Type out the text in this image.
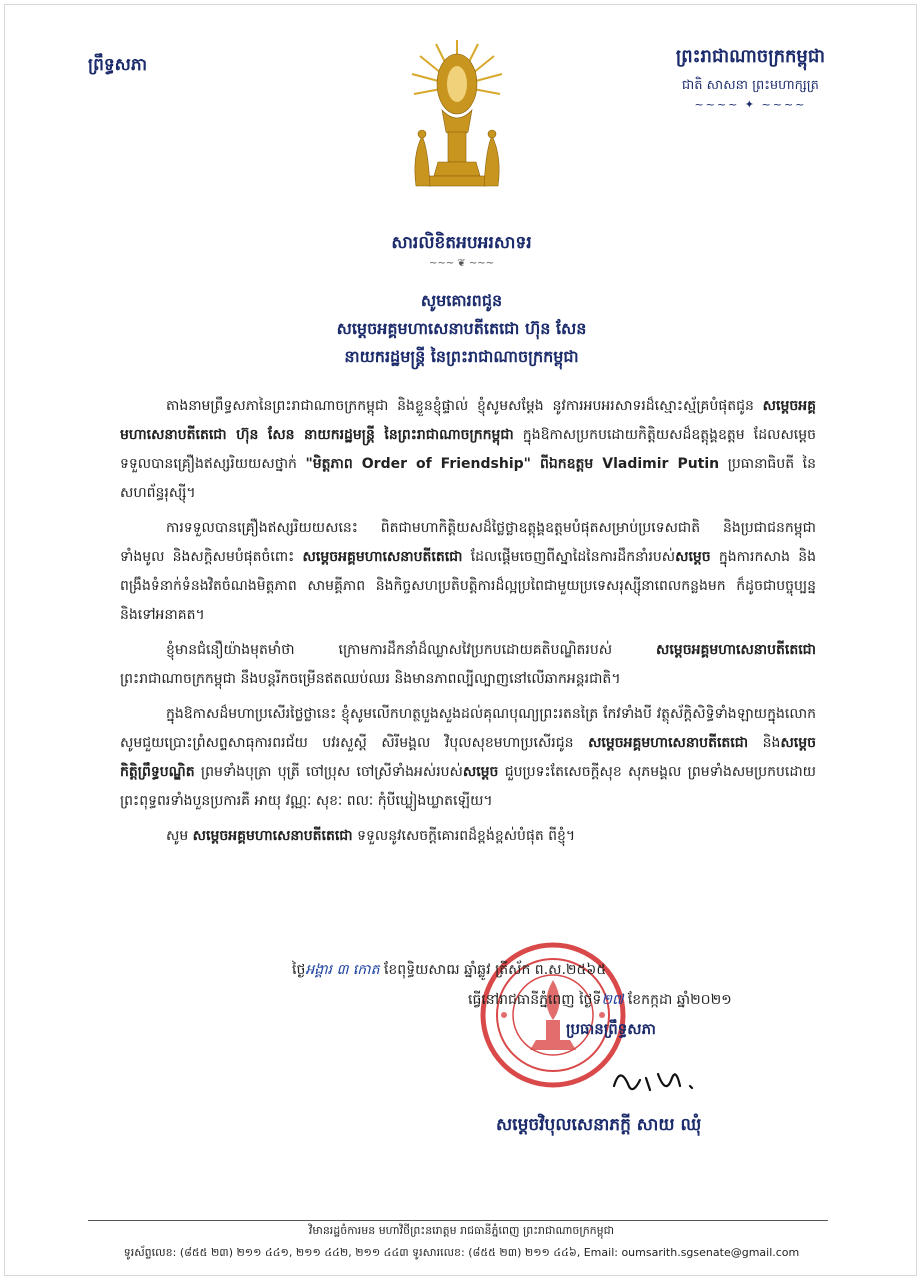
ព្រឹទ្ធសភា	ព្រះរាជាណាចក្រកម្ពុជា
ជាតិ សាសនា ព្រះមហាក្សត្រ
~~~~ ✦ ~~~~
សារលិខិតអបអរសាទរ
~~~ ❦ ~~~
សូមគោរពជូន
សម្តេចអគ្គមហាសេនាបតីតេជោ ហ៊ុន សែន
នាយករដ្ឋមន្ត្រី នៃព្រះរាជាណាចក្រកម្ពុជា

តាងនាមព្រឹទ្ធសភានៃព្រះរាជាណាចក្រកម្ពុជា និងខ្លួនខ្ញុំផ្ទាល់ ខ្ញុំសូមសម្តែង នូវការអបអរសាទរដ៏ស្មោះស្ម័គ្របំផុតជូន សម្តេចអគ្គមហាសេនាបតីតេជោ ហ៊ុន សែន នាយករដ្ឋមន្ត្រី នៃព្រះរាជាណាចក្រកម្ពុជា ក្នុងឱកាសប្រកបដោយកិត្តិយសដ៏ឧត្តុង្គឧត្តម ដែលសម្តេច ទទួលបានគ្រឿងឥស្សរិយយសថ្នាក់ "មិត្តភាព Order of Friendship" ពីឯកឧត្តម Vladimir Putin ប្រធានាធិបតី នៃសហព័ន្ធរុស្ស៊ី។

ការទទួលបានគ្រឿងឥស្សរិយយសនេះ ពិតជាមហាកិត្តិយសដ៏ថ្លៃថ្លាឧត្តុង្គឧត្តមបំផុតសម្រាប់ប្រទេសជាតិ និងប្រជាជនកម្ពុជាទាំងមូល និងសក្តិសមបំផុតចំពោះ សម្តេចអគ្គមហាសេនាបតីតេជោ ដែលផ្តើមចេញពីស្នាដៃនៃការដឹកនាំរបស់សម្តេច ក្នុងការកសាង និងពង្រឹងទំនាក់ទំនងវិតចំណងមិត្តភាព សាមគ្គីភាព និងកិច្ចសហប្រតិបត្តិការដ៏ល្អប្រពៃជាមួយប្រទេសរុស្ស៊ីនាពេលកន្លងមក ក៏ដូចជាបច្ចុប្បន្ន និងទៅអនាគត។

ខ្ញុំមានជំនឿយ៉ាងមុតមាំថា ក្រោមការដឹកនាំដ៏ឈ្លាសវៃប្រកបដោយគតិបណ្ឌិតរបស់ សម្តេចអគ្គមហាសេនាបតីតេជោ ព្រះរាជាណាចក្រកម្ពុជា នឹងបន្តរីកចម្រើនឥតឈប់ឈរ និងមានភាពល្បីល្បាញនៅលើឆាកអន្តរជាតិ។

ក្នុងឱកាសដ៏មហាប្រសើរថ្លៃថ្លានេះ ខ្ញុំសូមលើកហត្ថបួងសួងដល់គុណបុណ្យព្រះរតនត្រៃ កែវទាំងបី វត្ថុស័ក្តិសិទ្ធិទាំងឡាយក្នុងលោក សូមជួយប្រោះព្រំសព្ទសាធុការពរជ័យ បវរសួស្តី សិរីមង្គល វិបុលសុខមហាប្រសើរជូន សម្តេចអគ្គមហាសេនាបតីតេជោ និងសម្តេចកិត្តិព្រឹទ្ធបណ្ឌិត ព្រមទាំងបុត្រា បុត្រី ចៅប្រុស ចៅស្រីទាំងអស់របស់សម្តេច ជួបប្រទះតែសេចក្តីសុខ សុភមង្គល ព្រមទាំងសមប្រកបដោយព្រះពុទ្ធពរទាំងបួនប្រការគឺ អាយុ វណ្ណៈ សុខៈ ពលៈ កុំបីឃ្លៀងឃ្លាតឡើយ។

សូម សម្តេចអគ្គមហាសេនាបតីតេជោ ទទួលនូវសេចក្តីគោរពដ៏ខ្ពង់ខ្ពស់បំផុត ពីខ្ញុំ។

ថ្ងៃអង្គារ ៣ កោត ខែពុទ្ធិយសាឍ ឆ្នាំឆ្លូវ ត្រីស័ក ព.ស.២៥៦៥
ធ្វើនៅរាជធានីភ្នំពេញ ថ្ងៃទី២៧ ខែកក្កដា ឆ្នាំ២០២១
ប្រធានព្រឹទ្ធសភា
សម្តេចវិបុលសេនាភក្តី សាយ ឈុំ
វិមានរដ្ឋចំការមន មហាវិថីព្រះនរោត្តម រាជធានីភ្នំពេញ ព្រះរាជាណាចក្រកម្ពុជា
ទូរស័ព្ទលេខ: (៨៥៥ ២៣) ២១១ ៤៤១, ២១១ ៤៤២, ២១១ ៤៤៣ ទូរសារលេខ: (៨៥៥ ២៣) ២១១ ៤៤៦, Email: oumsarith.sgsenate@gmail.com
